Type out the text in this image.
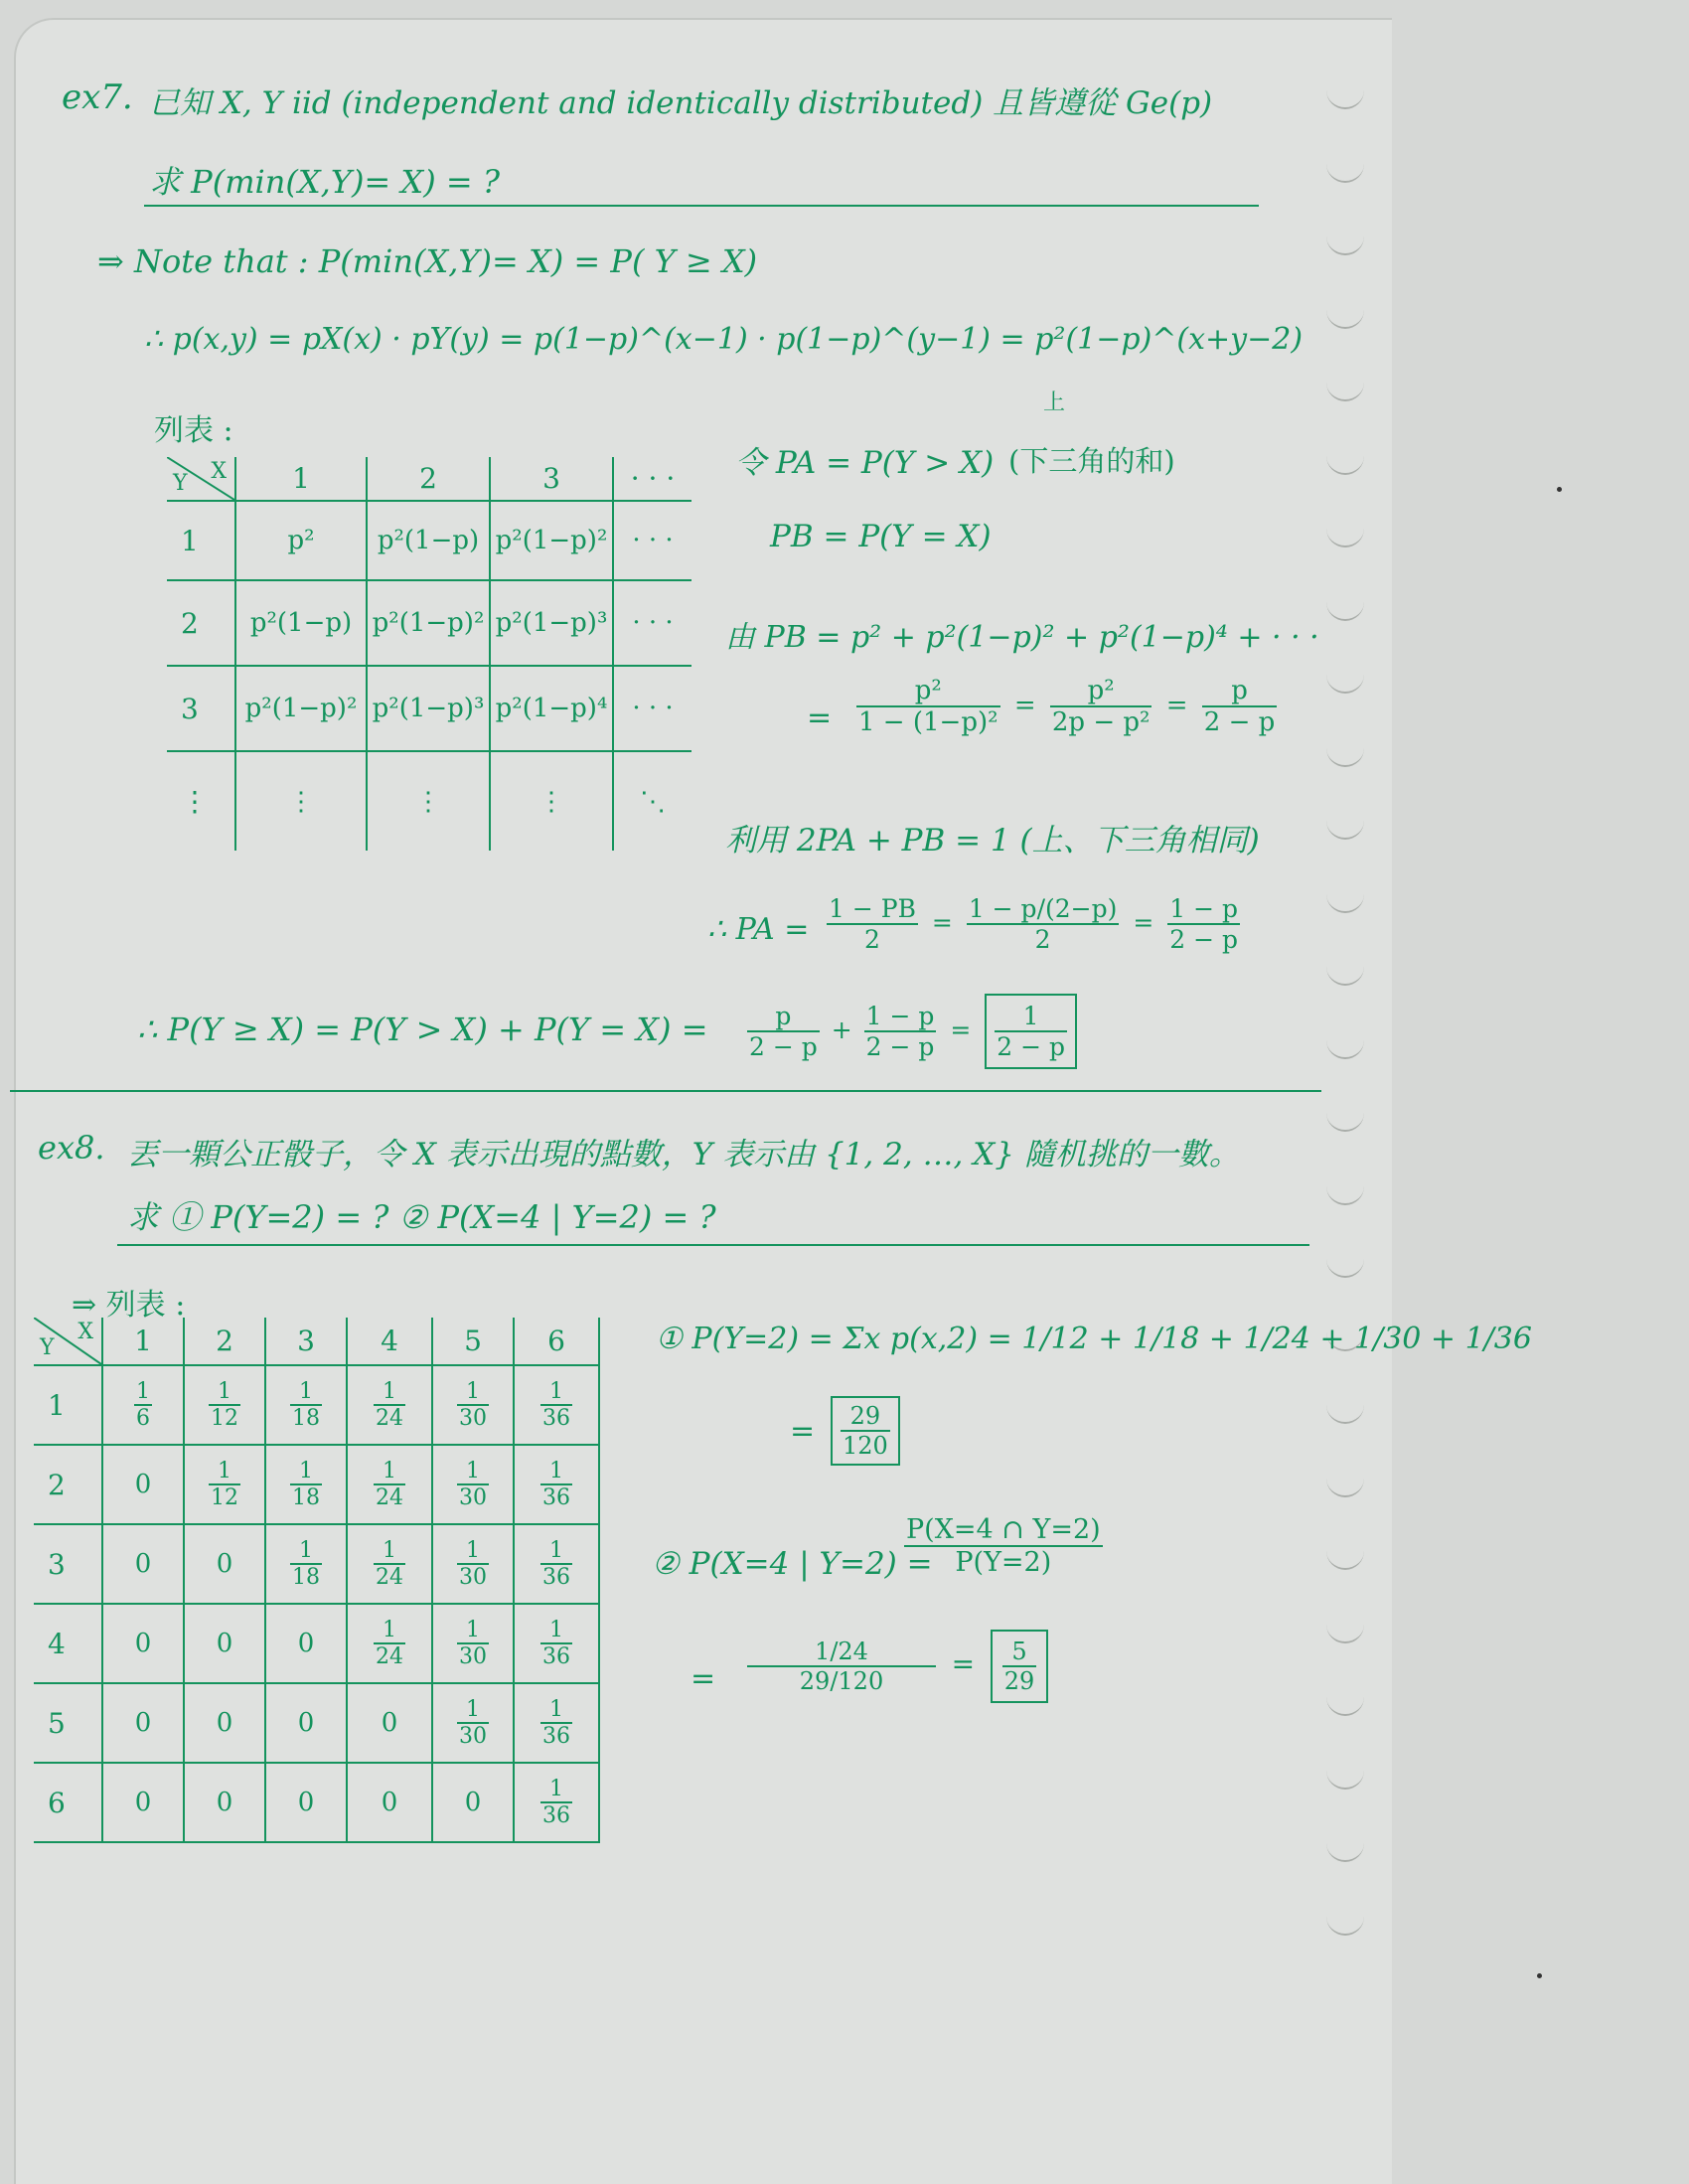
ex7. 已知 X, Y iid (independent and identically distributed) 且皆遵從 Ge(p)
求 P(min(X,Y)= X) = ?
⇒ Note that : P(min(X,Y)= X) = P( Y ≥ X)
∴ p(x,y) = pX(x) · pY(y) = p(1−p)^(x−1) · p(1−p)^(y−1) = p²(1−p)^(x+y−2)
列表 :
Y X	1	2	3	· · ·
1	p²	p²(1−p)	p²(1−p)²	· · ·
2	p²(1−p)	p²(1−p)²	p²(1−p)³	· · ·
3	p²(1−p)²	p²(1−p)³	p²(1−p)⁴	· · ·
⋮	⋮	⋮	⋮	⋱
上
令 PA = P(Y > X) (下三角的和)
PB = P(Y = X)
由 PB = p² + p²(1−p)² + p²(1−p)⁴ + · · ·
= $\frac{\text{p²}}{\text{1 − (1−p)²}} = \frac{\text{p²}}{\text{2p − p²}} = \frac{p}{2 - p}$
利用 2PA + PB = 1 (上、下三角相同)
∴ PA = $\frac{1 - PB}{2} = \frac{1 - p/(2-p)}{2} = \frac{1 - p}{2 - p}$
∴ $P(Y \ge X) = P(Y > X) + P(Y = X) = \frac{p}{2 - p} + \frac{1 - p}{2 - p} = \frac{1}{2 - p}$
ex8. 丟一顆公正骰子，令 X 表示出現的點數，Y 表示由 {1, 2, …, X} 隨机挑的一數。
求 ① P(Y=2) = ? ② P(X=4 | Y=2) = ?
⇒ 列表 :
Y
X	1	2	3	4	5	6
1	$\frac{1}{6}$	$\frac{1}{12}$	$\frac{1}{18}$	$\frac{1}{24}$	$\frac{1}{30}$	$\frac{1}{36}$

2	0	$\frac{1}{12}$	$\frac{1}{18}$	$\frac{1}{24}$	$\frac{1}{30}$	$\frac{1}{36}$

3	0	0	$\frac{1}{18}$	$\frac{1}{24}$	$\frac{1}{30}$	$\frac{1}{36}$

4	0	0	0	$\frac{1}{24}$	$\frac{1}{30}$	$\frac{1}{36}$

5	0	0	0	0	$\frac{1}{30}$	$\frac{1}{36}$

6	0	0	0	0	0	$\frac{1}{36}$
① P(Y=2) = Σx p(x,2) = 1/12 + 1/18 + 1/24 + 1/30 + 1/36
= $\frac{29}{120}$
② P(X=4 | Y=2) =
$\frac{P(X=4 \cap Y=2)}{P(Y=2)}$
= $\frac{1/24}{29/120} = \frac{5}{29}$
